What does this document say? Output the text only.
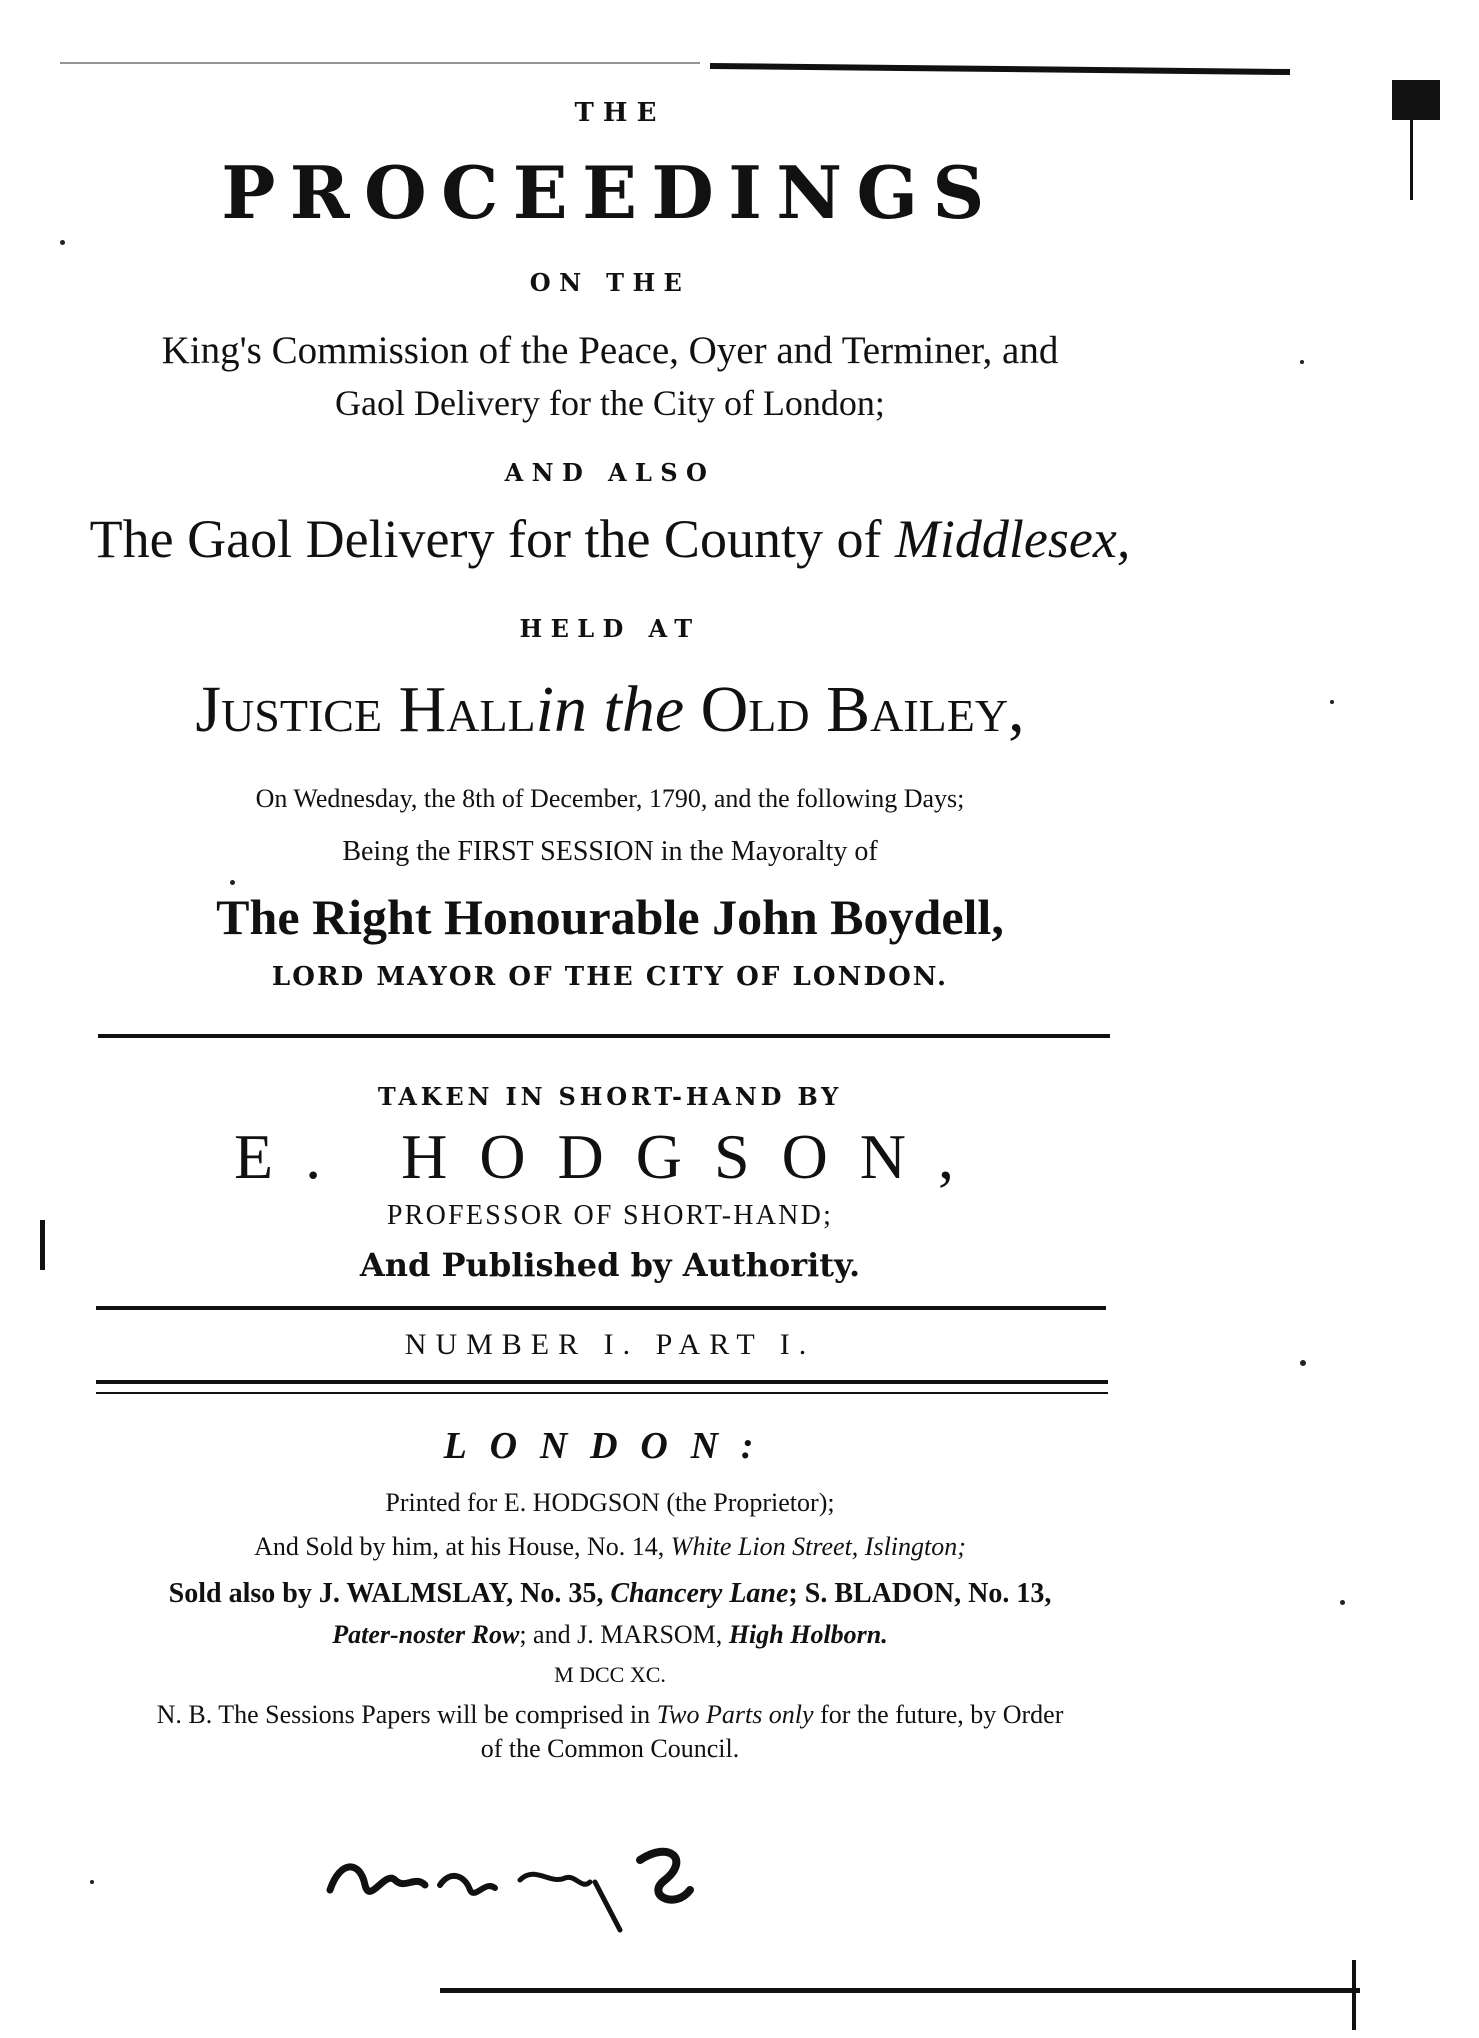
THE
PROCEEDINGS
ON THE
King's Commission of the Peace, Oyer and Terminer, and
Gaol Delivery for the City of London;
AND ALSO
The Gaol Delivery for the County of Middlesex,
HELD AT
Justice Hallin the Old Bailey,
On Wednesday, the 8th of December, 1790, and the following Days;
Being the FIRST SESSION in the Mayoralty of
The Right Honourable John Boydell,
LORD MAYOR OF THE CITY OF LONDON.
TAKEN IN SHORT-HAND BY
E. HODGSON,
PROFESSOR OF SHORT-HAND;
And Published by Authority.
NUMBER I. PART I.
LONDON:
Printed for E. HODGSON (the Proprietor);
And Sold by him, at his House, No. 14, White Lion Street, Islington;
Sold also by J. WALMSLAY, No. 35, Chancery Lane; S. BLADON, No. 13,
Pater-noster Row; and J. MARSOM, High Holborn.
M DCC XC.
N. B. The Sessions Papers will be comprised in Two Parts only for the future, by Order
of the Common Council.
